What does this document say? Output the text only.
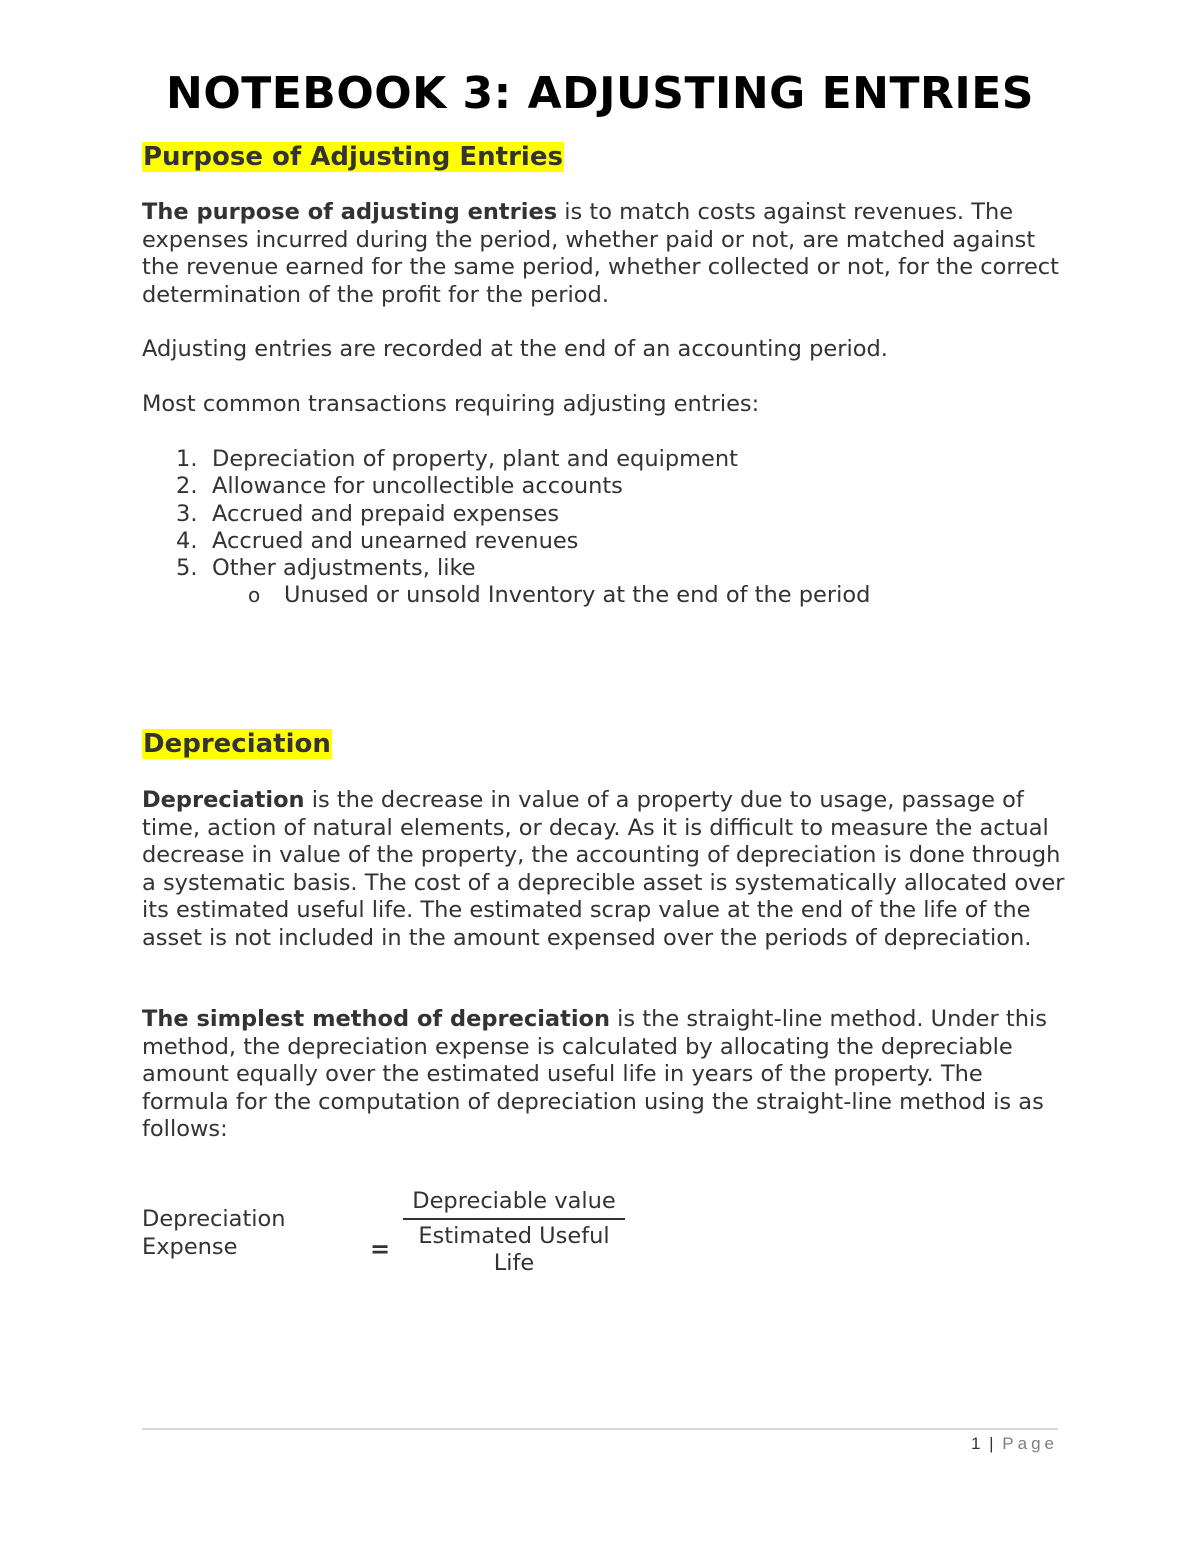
NOTEBOOK 3: ADJUSTING ENTRIES
Purpose of Adjusting Entries

The purpose of adjusting entries is to match costs against revenues. The expenses incurred during the period, whether paid or not, are matched against the revenue earned for the same period, whether collected or not, for the correct determination of the profit for the period.

Adjusting entries are recorded at the end of an accounting period.

Most common transactions requiring adjusting entries:

1. Depreciation of property, plant and equipment
2. Allowance for uncollectible accounts
3. Accrued and prepaid expenses
4. Accrued and unearned revenues
5. Other adjustments, like
o Unused or unsold Inventory at the end of the period
Depreciation

Depreciation is the decrease in value of a property due to usage, passage of time, action of natural elements, or decay. As it is difficult to measure the actual decrease in value of the property, the accounting of depreciation is done through a systematic basis. The cost of a deprecible asset is systematically allocated over its estimated useful life. The estimated scrap value at the end of the life of the asset is not included in the amount expensed over the periods of depreciation.

The simplest method of depreciation is the straight-line method. Under this method, the depreciation expense is calculated by allocating the depreciable amount equally over the estimated useful life in years of the property. The formula for the computation of depreciation using the straight-line method is as follows:

Depreciation Expense	=
Depreciable value
Estimated Useful Life
1 | Page
